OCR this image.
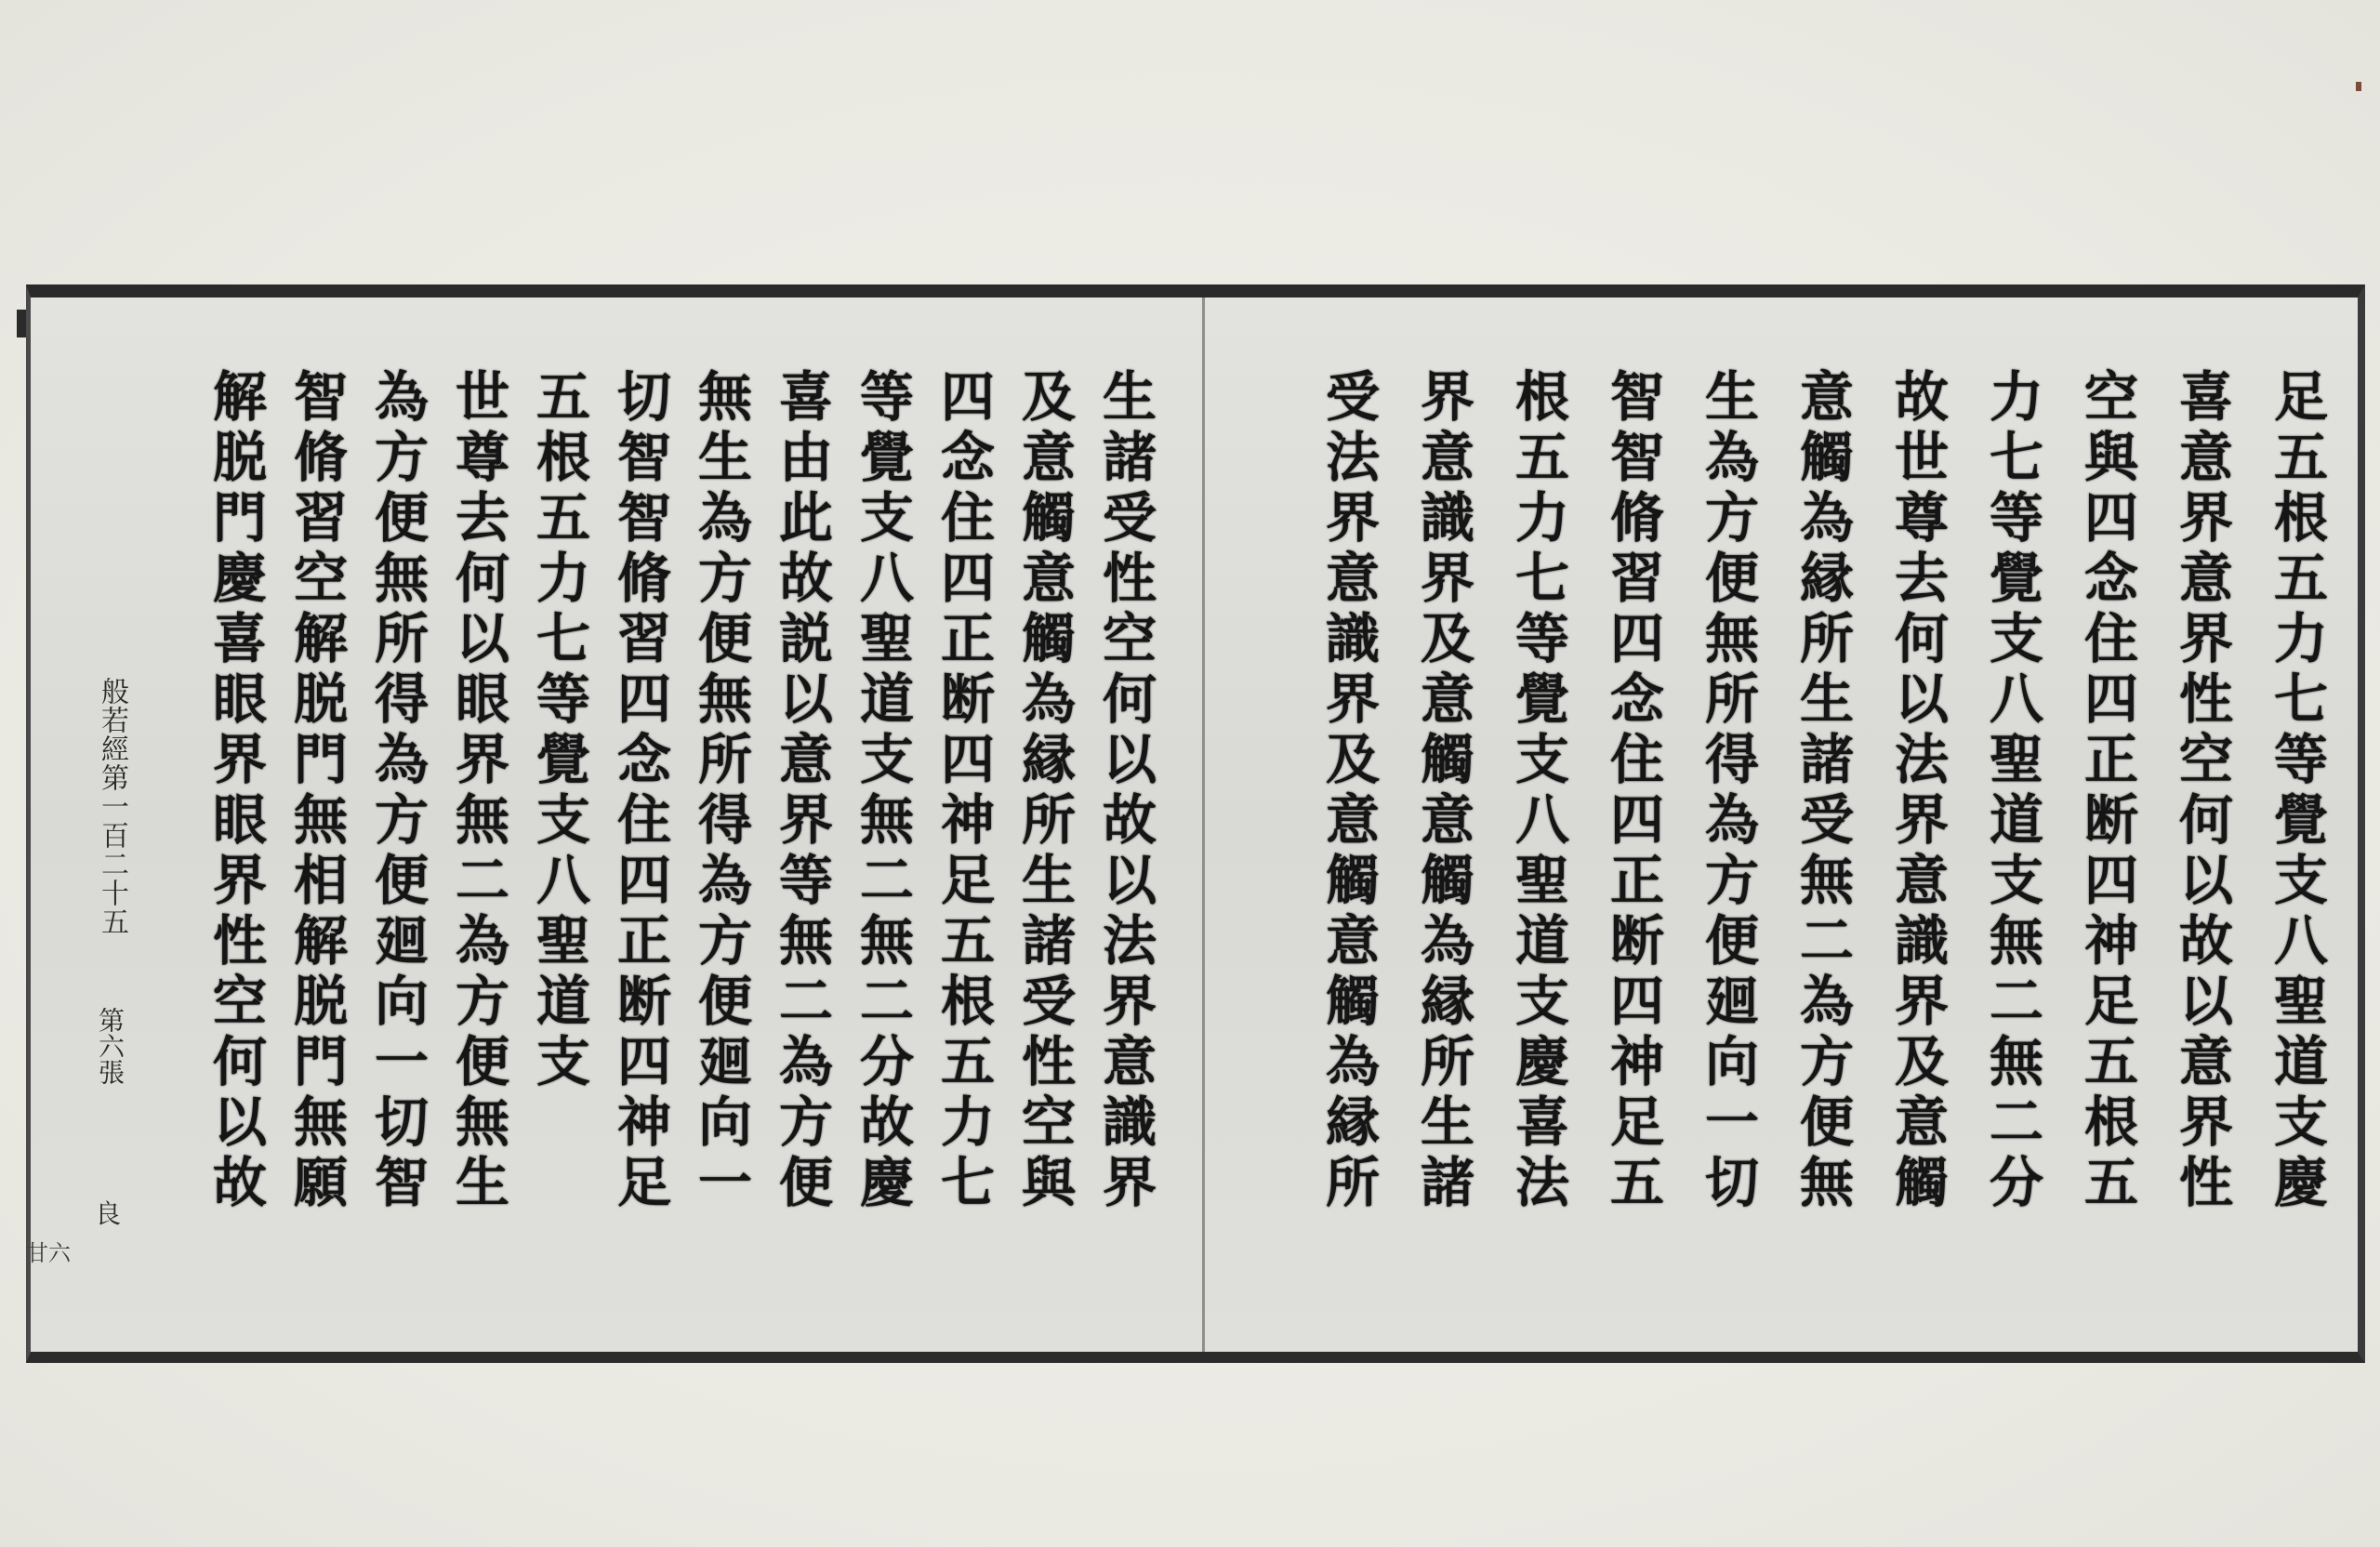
足五根五力七等覺支八聖道支慶
喜意界意界性空何以故以意界性
空與四念住四正断四神足五根五
力七等覺支八聖道支無二無二分
故世尊去何以法界意識界及意觸
意觸為縁所生諸受無二為方便無
生為方便無所得為方便廻向一切
智智脩習四念住四正断四神足五
根五力七等覺支八聖道支慶喜法
界意識界及意觸意觸為縁所生諸
受法界意識界及意觸意觸為縁所
生諸受性空何以故以法界意識界
及意觸意觸為縁所生諸受性空與
四念住四正断四神足五根五力七
等覺支八聖道支無二無二分故慶
喜由此故説以意界等無二為方便
無生為方便無所得為方便廻向一
切智智脩習四念住四正断四神足
五根五力七等覺支八聖道支
世尊去何以眼界無二為方便無生
為方便無所得為方便廻向一切智
智脩習空解脱門無相解脱門無願
般若經第一百二十五
第六張
良
甘六
解脱門慶喜眼界眼界性空何以故
